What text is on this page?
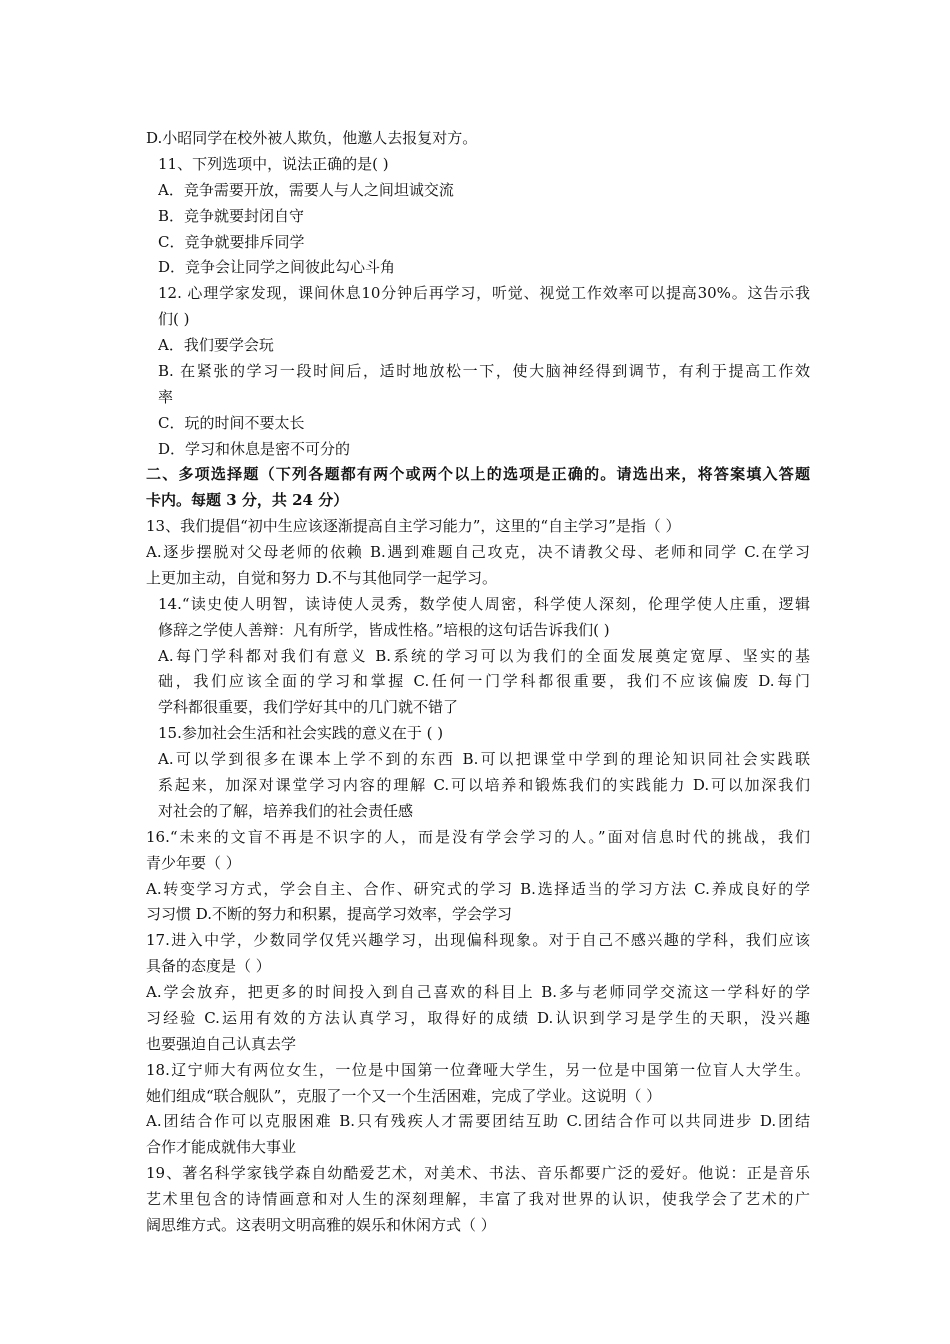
D.小昭同学在校外被人欺负，他邀人去报复对方。
11、下列选项中，说法正确的是( )
A．竞争需要开放，需要人与人之间坦诚交流
B．竞争就要封闭自守
C．竞争就要排斥同学
D．竞争会让同学之间彼此勾心斗角
12. 心理学家发现，课间休息10分钟后再学习，听觉、视觉工作效率可以提高30%。这告示我
们( )
A．我们要学会玩
B. 在紧张的学习一段时间后，适时地放松一下，使大脑神经得到调节，有利于提高工作效
率
C．玩的时间不要太长
D．学习和休息是密不可分的
二、多项选择题（下列各题都有两个或两个以上的选项是正确的。请选出来，将答案填入答题
卡内。每题 3 分，共 24 分）
13、我们提倡“初中生应该逐渐提高自主学习能力”，这里的“自主学习”是指（ ）
A.逐步摆脱对父母老师的依赖 B.遇到难题自己攻克，决不请教父母、老师和同学 C.在学习
上更加主动，自觉和努力 D.不与其他同学一起学习。
14.“读史使人明智，读诗使人灵秀，数学使人周密，科学使人深刻，伦理学使人庄重，逻辑
修辞之学使人善辩：凡有所学，皆成性格。”培根的这句话告诉我们( )
A.每门学科都对我们有意义 B.系统的学习可以为我们的全面发展奠定宽厚、坚实的基
础，我们应该全面的学习和掌握 C.任何一门学科都很重要，我们不应该偏废 D.每门
学科都很重要，我们学好其中的几门就不错了
15.参加社会生活和社会实践的意义在于 ( )
A.可以学到很多在课本上学不到的东西 B.可以把课堂中学到的理论知识同社会实践联
系起来，加深对课堂学习内容的理解 C.可以培养和锻炼我们的实践能力 D.可以加深我们
对社会的了解，培养我们的社会责任感
16.“未来的文盲不再是不识字的人，而是没有学会学习的人。”面对信息时代的挑战，我们
青少年要（ ）
A.转变学习方式，学会自主、合作、研究式的学习 B.选择适当的学习方法 C.养成良好的学
习习惯 D.不断的努力和积累，提高学习效率，学会学习
17.进入中学，少数同学仅凭兴趣学习，出现偏科现象。对于自己不感兴趣的学科，我们应该
具备的态度是（ ）
A.学会放弃，把更多的时间投入到自己喜欢的科目上 B.多与老师同学交流这一学科好的学
习经验 C.运用有效的方法认真学习，取得好的成绩 D.认识到学习是学生的天职，没兴趣
也要强迫自己认真去学
18.辽宁师大有两位女生，一位是中国第一位聋哑大学生，另一位是中国第一位盲人大学生。
她们组成“联合舰队”，克服了一个又一个生活困难，完成了学业。这说明（ ）
A.团结合作可以克服困难 B.只有残疾人才需要团结互助 C.团结合作可以共同进步 D.团结
合作才能成就伟大事业
19、著名科学家钱学森自幼酷爱艺术，对美术、书法、音乐都要广泛的爱好。他说：正是音乐
艺术里包含的诗情画意和对人生的深刻理解，丰富了我对世界的认识，使我学会了艺术的广
阔思维方式。这表明文明高雅的娱乐和休闲方式（ ）
